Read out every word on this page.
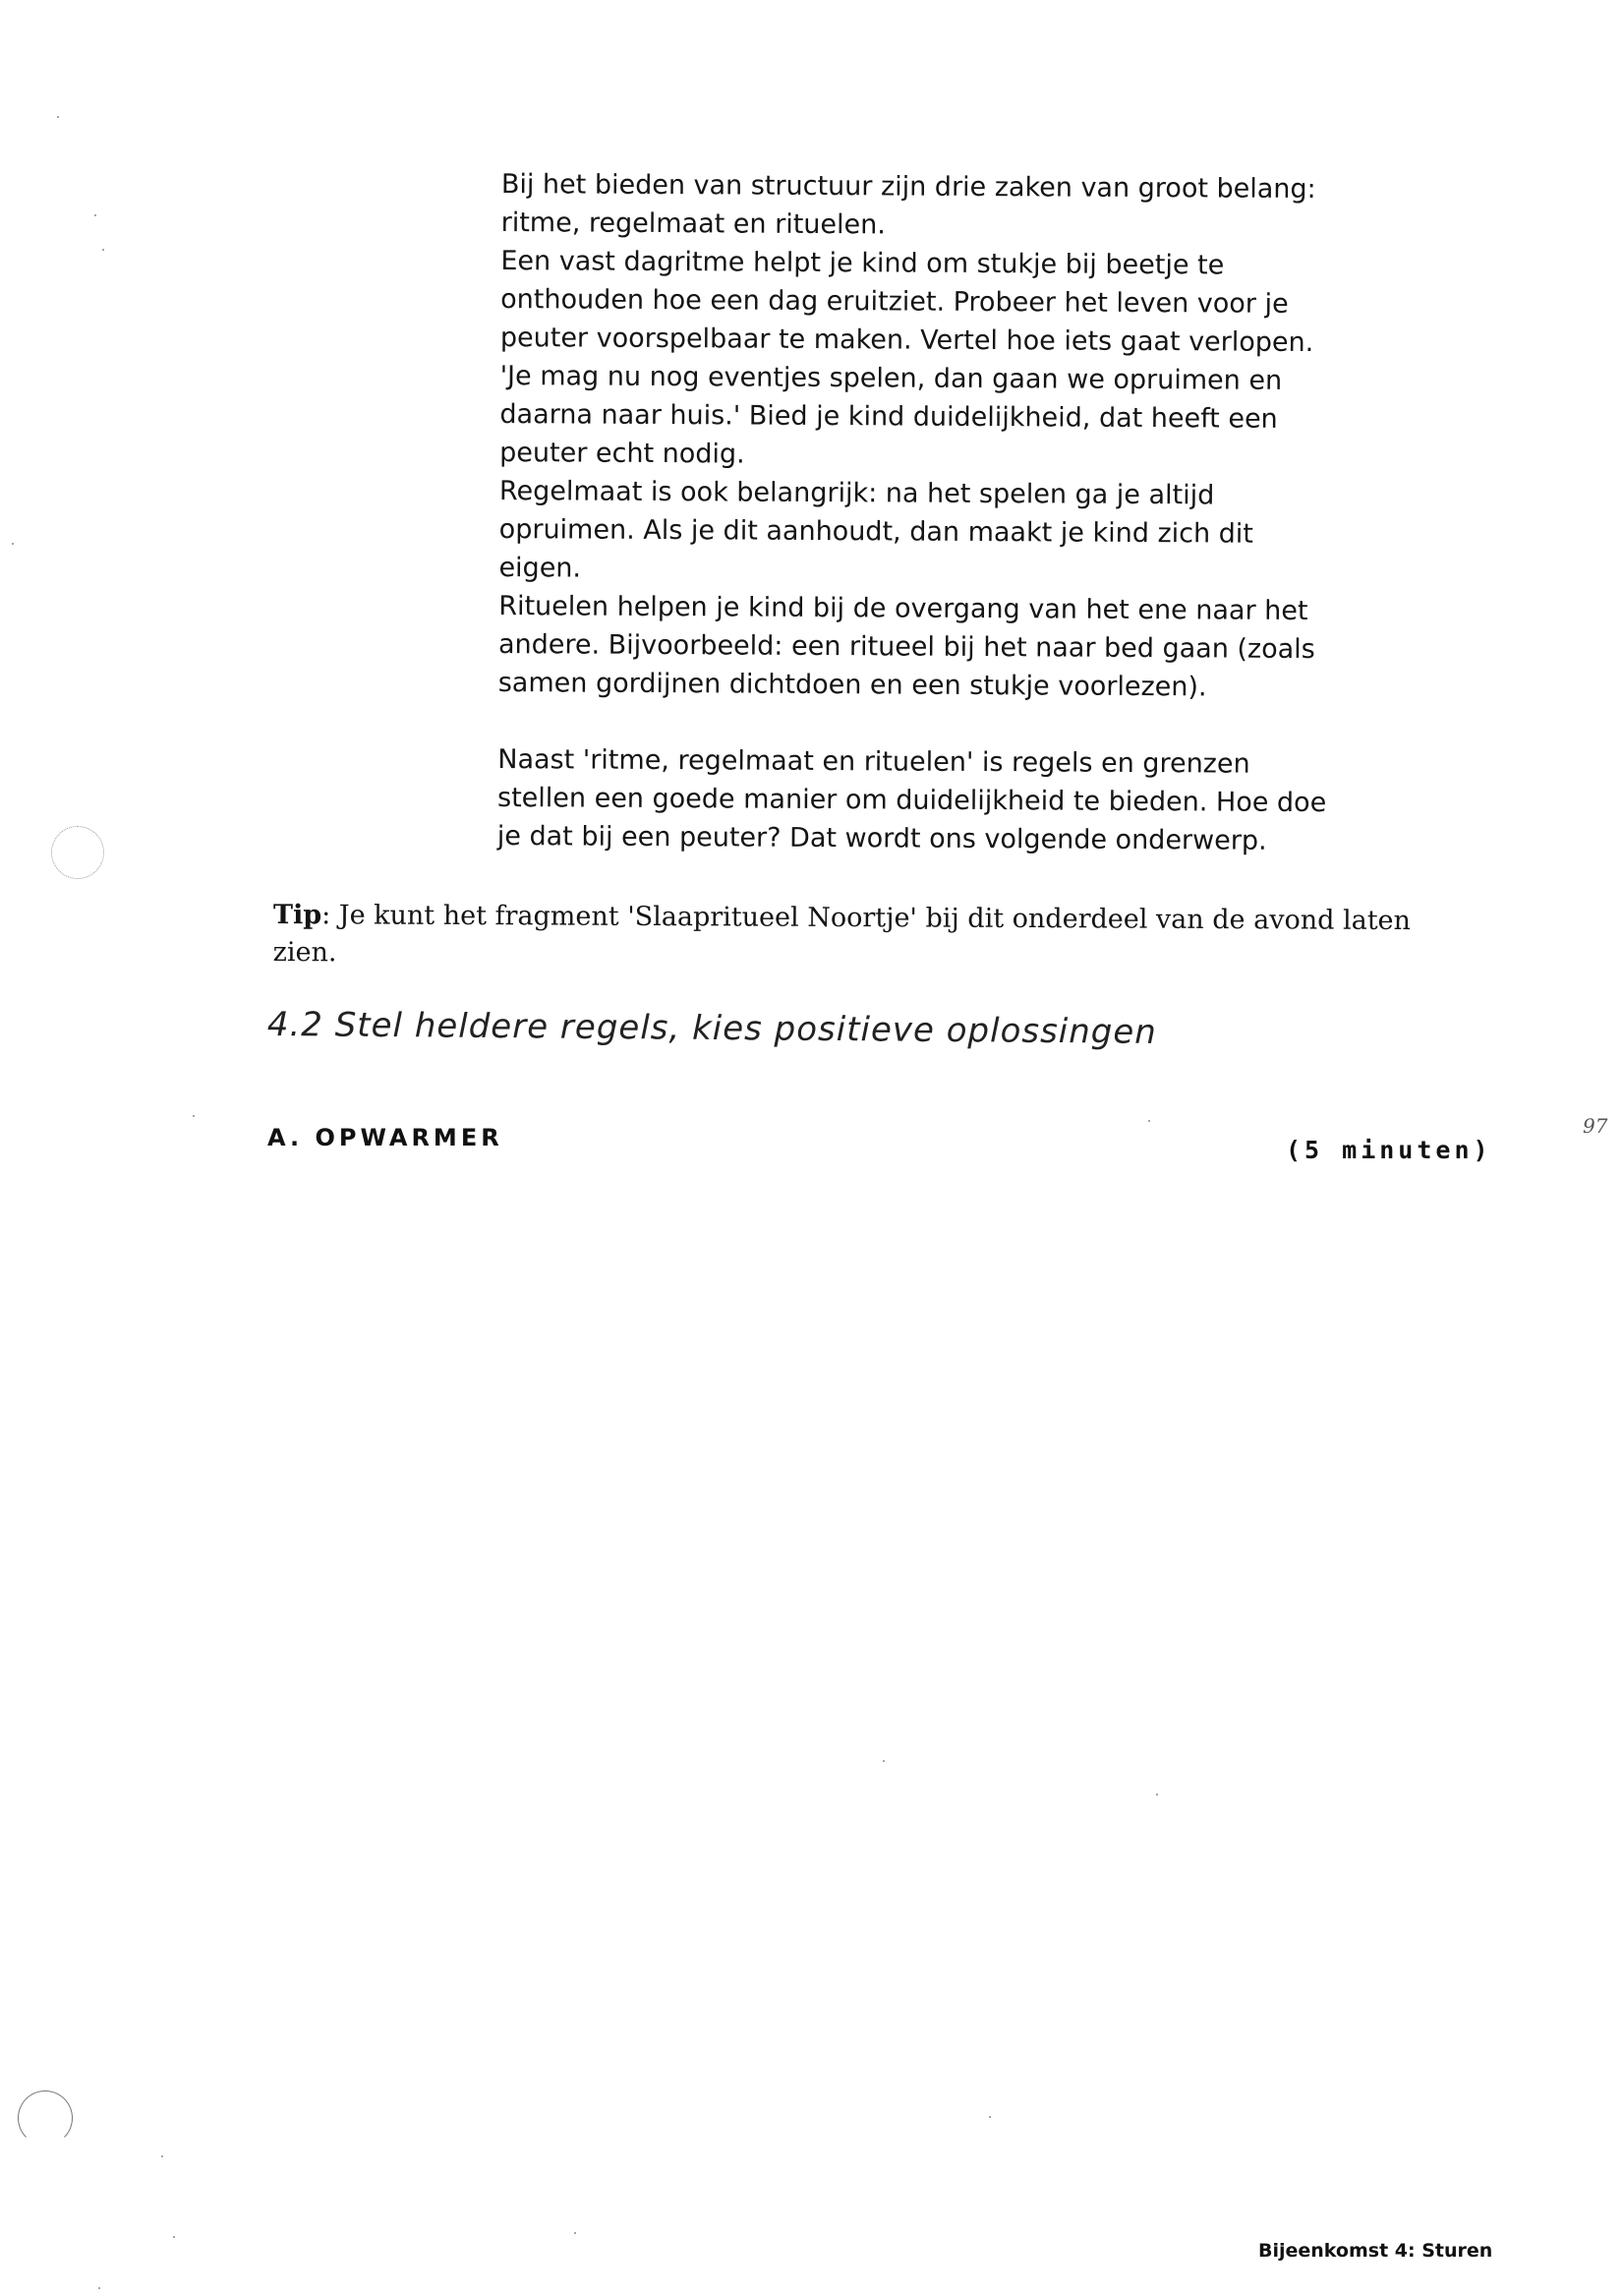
Bij het bieden van structuur zijn drie zaken van groot belang:
ritme, regelmaat en rituelen.

Een vast dagritme helpt je kind om stukje bij beetje te
onthouden hoe een dag eruitziet. Probeer het leven voor je
peuter voorspelbaar te maken. Vertel hoe iets gaat verlopen.
'Je mag nu nog eventjes spelen, dan gaan we opruimen en
daarna naar huis.' Bied je kind duidelijkheid, dat heeft een
peuter echt nodig.

Regelmaat is ook belangrijk: na het spelen ga je altijd
opruimen. Als je dit aanhoudt, dan maakt je kind zich dit
eigen.

Rituelen helpen je kind bij de overgang van het ene naar het
andere. Bijvoorbeeld: een ritueel bij het naar bed gaan (zoals
samen gordijnen dichtdoen en een stukje voorlezen).

Naast 'ritme, regelmaat en rituelen' is regels en grenzen
stellen een goede manier om duidelijkheid te bieden. Hoe doe
je dat bij een peuter? Dat wordt ons volgende onderwerp.

Tip: Je kunt het fragment 'Slaapritueel Noortje' bij dit onderdeel van de avond laten zien.
4.2 Stel heldere regels, kies positieve oplossingen
A. OPWARMER	(5 minuten)
97
Bijeenkomst 4: Sturen
